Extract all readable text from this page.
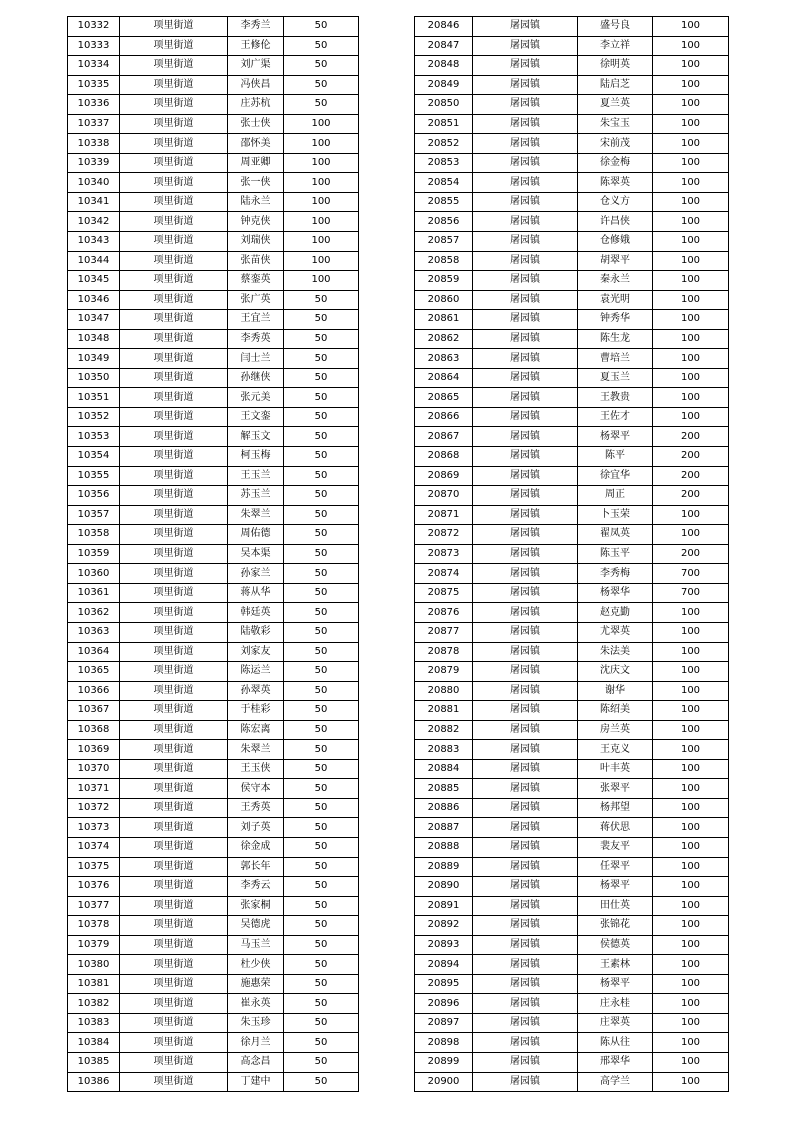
10332	项里街道	李秀兰	50
10333	项里街道	王修伦	50
10334	项里街道	刘广渠	50
10335	项里街道	冯侠昌	50
10336	项里街道	庄苏杭	50
10337	项里街道	张士侠	100
10338	项里街道	邵怀美	100
10339	项里街道	周亚卿	100
10340	项里街道	张一侠	100
10341	项里街道	陆永兰	100
10342	项里街道	钟克侠	100
10343	项里街道	刘瑞侠	100
10344	项里街道	张苗侠	100
10345	项里街道	蔡銮英	100
10346	项里街道	张广英	50
10347	项里街道	王宜兰	50
10348	项里街道	李秀英	50
10349	项里街道	闫士兰	50
10350	项里街道	孙继侠	50
10351	项里街道	张元美	50
10352	项里街道	王文銮	50
10353	项里街道	解玉文	50
10354	项里街道	柯玉梅	50
10355	项里街道	王玉兰	50
10356	项里街道	苏玉兰	50
10357	项里街道	朱翠兰	50
10358	项里街道	周佑德	50
10359	项里街道	吴本渠	50
10360	项里街道	孙家兰	50
10361	项里街道	蒋从华	50
10362	项里街道	韩廷英	50
10363	项里街道	陆敬彩	50
10364	项里街道	刘家友	50
10365	项里街道	陈运兰	50
10366	项里街道	孙翠英	50
10367	项里街道	于桂彩	50
10368	项里街道	陈宏离	50
10369	项里街道	朱翠兰	50
10370	项里街道	王玉侠	50
10371	项里街道	侯守本	50
10372	项里街道	王秀英	50
10373	项里街道	刘子英	50
10374	项里街道	徐金成	50
10375	项里街道	郭长年	50
10376	项里街道	李秀云	50
10377	项里街道	张家桐	50
10378	项里街道	吴德虎	50
10379	项里街道	马玉兰	50
10380	项里街道	杜少侠	50
10381	项里街道	施惠荣	50
10382	项里街道	崔永英	50
10383	项里街道	朱玉珍	50
10384	项里街道	徐月兰	50
10385	项里街道	高念昌	50
10386	项里街道	丁建中	50
20846	屠园镇	盛号良	100
20847	屠园镇	李立祥	100
20848	屠园镇	徐明英	100
20849	屠园镇	陆启芝	100
20850	屠园镇	夏兰英	100
20851	屠园镇	朱宝玉	100
20852	屠园镇	宋前茂	100
20853	屠园镇	徐金梅	100
20854	屠园镇	陈翠英	100
20855	屠园镇	仓义方	100
20856	屠园镇	许昌侠	100
20857	屠园镇	仓修娥	100
20858	屠园镇	胡翠平	100
20859	屠园镇	秦永兰	100
20860	屠园镇	袁光明	100
20861	屠园镇	钟秀华	100
20862	屠园镇	陈生龙	100
20863	屠园镇	曹培兰	100
20864	屠园镇	夏玉兰	100
20865	屠园镇	王教贵	100
20866	屠园镇	王佐才	100
20867	屠园镇	杨翠平	200
20868	屠园镇	陈平	200
20869	屠园镇	徐宜华	200
20870	屠园镇	周正	200
20871	屠园镇	卜玉荣	100
20872	屠园镇	翟凤英	100
20873	屠园镇	陈玉平	200
20874	屠园镇	李秀梅	700
20875	屠园镇	杨翠华	700
20876	屠园镇	赵克勤	100
20877	屠园镇	尤翠英	100
20878	屠园镇	朱法美	100
20879	屠园镇	沈庆文	100
20880	屠园镇	谢华	100
20881	屠园镇	陈绍美	100
20882	屠园镇	房兰英	100
20883	屠园镇	王克义	100
20884	屠园镇	叶丰英	100
20885	屠园镇	张翠平	100
20886	屠园镇	杨邦望	100
20887	屠园镇	蒋伏思	100
20888	屠园镇	裴友平	100
20889	屠园镇	任翠平	100
20890	屠园镇	杨翠平	100
20891	屠园镇	田仕英	100
20892	屠园镇	张锦花	100
20893	屠园镇	侯德英	100
20894	屠园镇	王素林	100
20895	屠园镇	杨翠平	100
20896	屠园镇	庄永桂	100
20897	屠园镇	庄翠英	100
20898	屠园镇	陈从往	100
20899	屠园镇	邢翠华	100
20900	屠园镇	高学兰	100
